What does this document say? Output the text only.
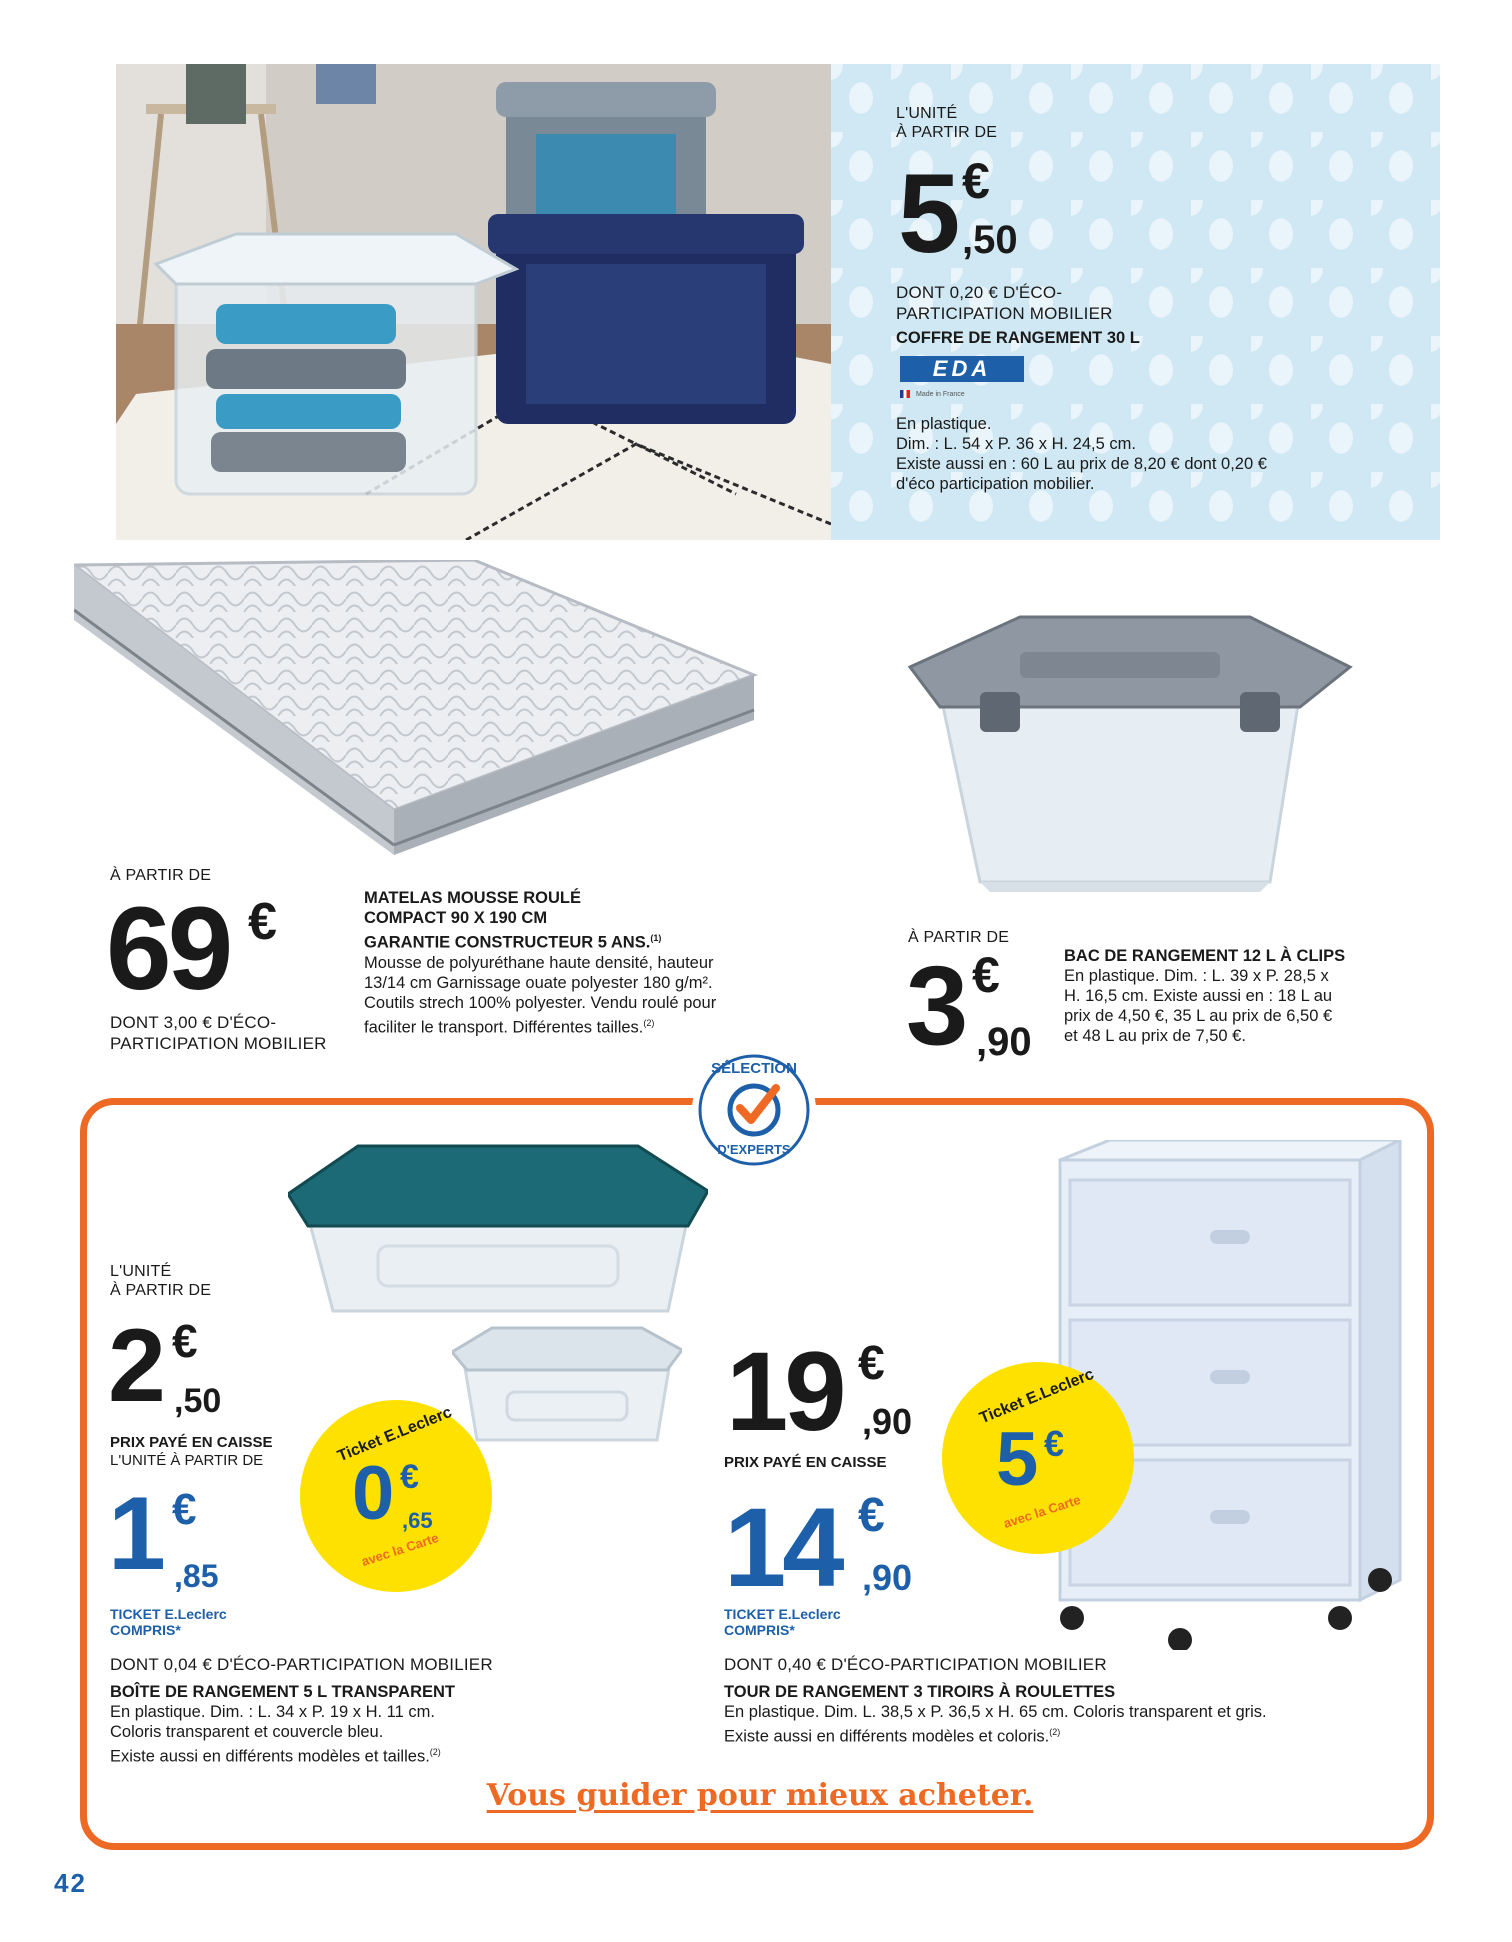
L'UNITÉ
À PARTIR DE
5 €
,50
DONT 0,20 € D'ÉCO-
PARTICIPATION MOBILIER
COFFRE DE RANGEMENT 30 L
EDA
Made in France
En plastique.
Dim. : L. 54 x P. 36 x H. 24,5 cm.
Existe aussi en : 60 L au prix de 8,20 € dont 0,20 €
d'éco participation mobilier.
À PARTIR DE
69 €
DONT 3,00 € D'ÉCO-
PARTICIPATION MOBILIER
MATELAS MOUSSE ROULÉ
COMPACT 90 X 190 CM
GARANTIE CONSTRUCTEUR 5 ANS.$^{(1)}$
Mousse de polyuréthane haute densité, hauteur
13/14 cm Garnissage ouate polyester 180 g/m².
Coutils strech 100% polyester. Vendu roulé pour
faciliter le transport. Différentes tailles.$^{(2)}$
À PARTIR DE
3 €
,90
BAC DE RANGEMENT 12 L À CLIPS
En plastique. Dim. : L. 39 x P. 28,5 x
H. 16,5 cm. Existe aussi en : 18 L au
prix de 4,50 €, 35 L au prix de 6,50 €
et 48 L au prix de 7,50 €.
SÉLECTION
D'EXPERTS
L'UNITÉ
À PARTIR DE
2 €
,50
PRIX PAYÉ EN CAISSE
L'UNITÉ À PARTIR DE
1 €
,85
TICKET E.Leclerc
COMPRIS*
Ticket E.Leclerc
0 €
,65
avec la Carte
DONT 0,04 € D'ÉCO-PARTICIPATION MOBILIER
BOÎTE DE RANGEMENT 5 L TRANSPARENT
En plastique. Dim. : L. 34 x P. 19 x H. 11 cm.
Coloris transparent et couvercle bleu.
Existe aussi en différents modèles et tailles.$^{(2)}$
19 €
,90
PRIX PAYÉ EN CAISSE
14 €
,90
TICKET E.Leclerc
COMPRIS*
Ticket E.Leclerc
5 €
avec la Carte
DONT 0,40 € D'ÉCO-PARTICIPATION MOBILIER
TOUR DE RANGEMENT 3 TIROIRS À ROULETTES
En plastique. Dim. L. 38,5 x P. 36,5 x H. 65 cm. Coloris transparent et gris.
Existe aussi en différents modèles et coloris.$^{(2)}$
Vous guider pour mieux acheter.
42
